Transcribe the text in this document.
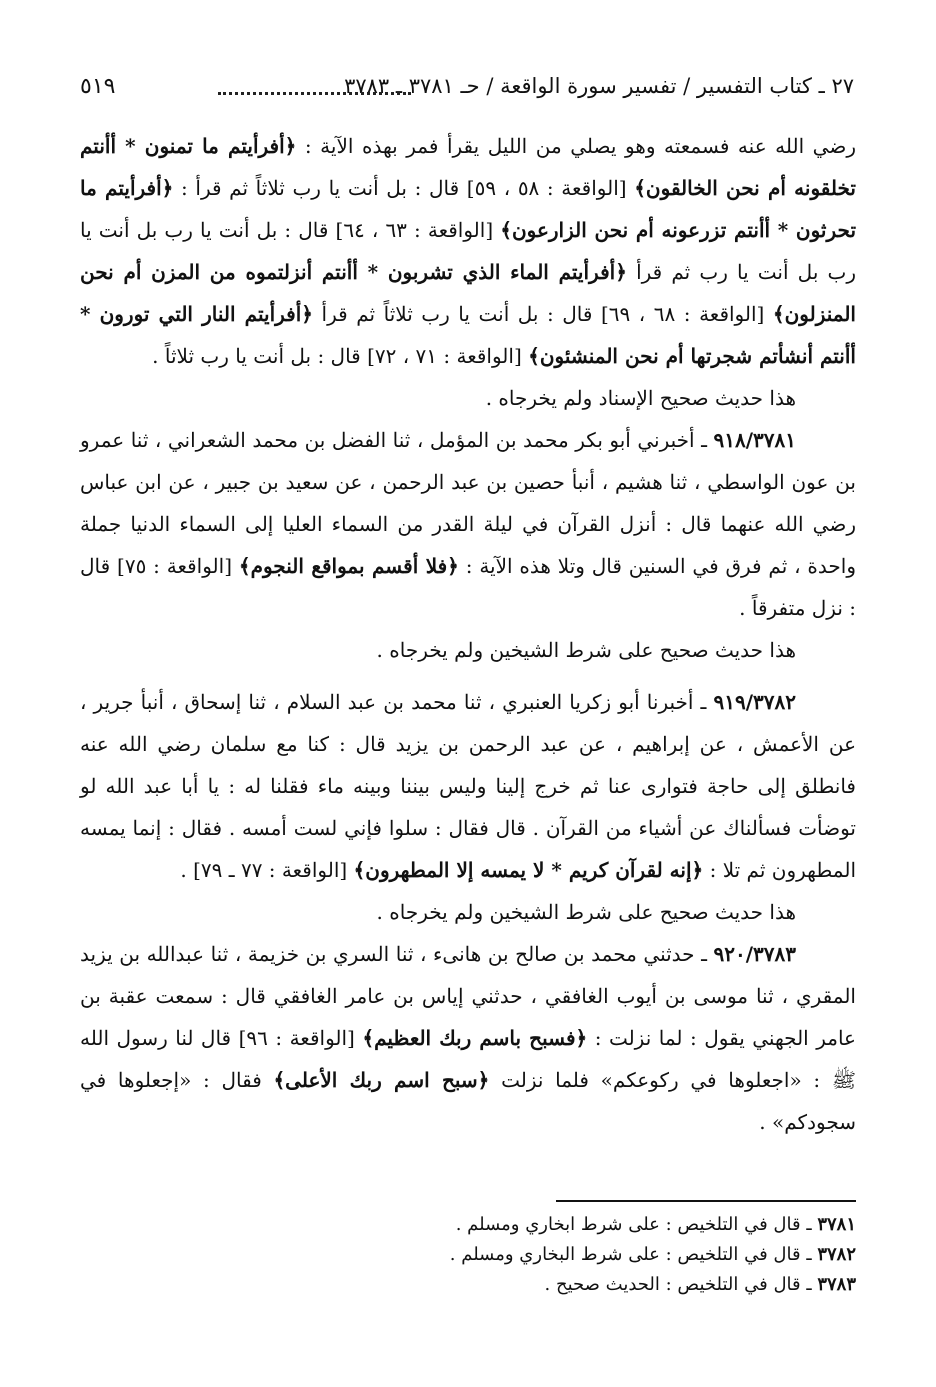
٢٧ ـ كتاب التفسير / تفسير سورة الواقعة / حـ ٣٧٨١ ـ ٣٧٨٣
٥١٩

رضي الله عنه فسمعته وهو يصلي من الليل يقرأ فمر بهذه الآية : ﴿أفرأيتم ما تمنون * أأنتم تخلقونه أم نحن الخالقون﴾ [الواقعة : ٥٨ ، ٥٩] قال : بل أنت يا رب ثلاثاً ثم قرأ : ﴿أفرأيتم ما تحرثون * أأنتم تزرعونه أم نحن الزارعون﴾ [الواقعة : ٦٣ ، ٦٤] قال : بل أنت يا رب بل أنت يا رب بل أنت يا رب ثم قرأ ﴿أفرأيتم الماء الذي تشربون * أأنتم أنزلتموه من المزن أم نحن المنزلون﴾ [الواقعة : ٦٨ ، ٦٩] قال : بل أنت يا رب ثلاثاً ثم قرأ ﴿أفرأيتم النار التي تورون * أأنتم أنشأتم شجرتها أم نحن المنشئون﴾ [الواقعة : ٧١ ، ٧٢] قال : بل أنت يا رب ثلاثاً .

هذا حديث صحيح الإسناد ولم يخرجاه .

٩١٨/٣٧٨١ ـ أخبرني أبو بكر محمد بن المؤمل ، ثنا الفضل بن محمد الشعراني ، ثنا عمرو بن عون الواسطي ، ثنا هشيم ، أنبأ حصين بن عبد الرحمن ، عن سعيد بن جبير ، عن ابن عباس رضي الله عنهما قال : أنزل القرآن في ليلة القدر من السماء العليا إلى السماء الدنيا جملة واحدة ، ثم فرق في السنين قال وتلا هذه الآية : ﴿فلا أقسم بمواقع النجوم﴾ [الواقعة : ٧٥] قال : نزل متفرقاً .

هذا حديث صحيح على شرط الشيخين ولم يخرجاه .

٩١٩/٣٧٨٢ ـ أخبرنا أبو زكريا العنبري ، ثنا محمد بن عبد السلام ، ثنا إسحاق ، أنبأ جرير ، عن الأعمش ، عن إبراهيم ، عن عبد الرحمن بن يزيد قال : كنا مع سلمان رضي الله عنه فانطلق إلى حاجة فتوارى عنا ثم خرج إلينا وليس بيننا وبينه ماء فقلنا له : يا أبا عبد الله لو توضأت فسألناك عن أشياء من القرآن . قال فقال : سلوا فإني لست أمسه . فقال : إنما يمسه المطهرون ثم تلا : ﴿إنه لقرآن كريم * لا يمسه إلا المطهرون﴾ [الواقعة : ٧٧ ـ ٧٩] .

هذا حديث صحيح على شرط الشيخين ولم يخرجاه .

٩٢٠/٣٧٨٣ ـ حدثني محمد بن صالح بن هانىء ، ثنا السري بن خزيمة ، ثنا عبدالله بن يزيد المقري ، ثنا موسى بن أيوب الغافقي ، حدثني إياس بن عامر الغافقي قال : سمعت عقبة بن عامر الجهني يقول : لما نزلت : ﴿فسبح باسم ربك العظيم﴾ [الواقعة : ٩٦] قال لنا رسول الله ﷺ : «اجعلوها في ركوعكم» فلما نزلت ﴿سبح اسم ربك الأعلى﴾ فقال : «إجعلوها في سجودكم» .

٣٧٨١ ـ قال في التلخيص : على شرط ابخاري ومسلم .

٣٧٨٢ ـ قال في التلخيص : على شرط البخاري ومسلم .

٣٧٨٣ ـ قال في التلخيص : الحديث صحيح .
